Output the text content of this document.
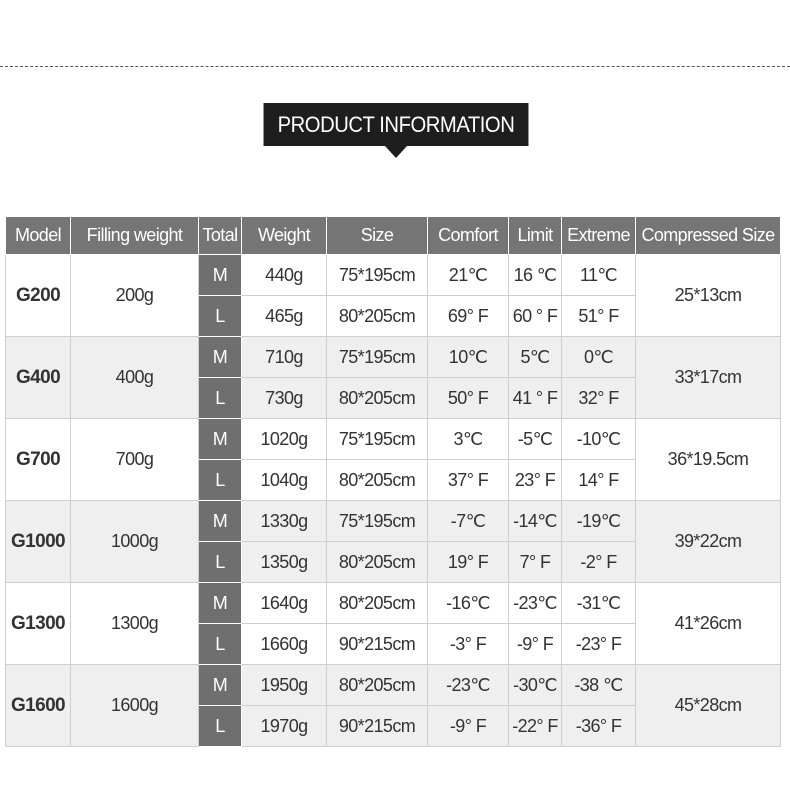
PRODUCT INFORMATION
Model	Filling weight	Total	Weight	Size	Comfort	Limit	Extreme	Compressed Size
G200	200g	M	440g	75*195cm	21℃	16 ℃	11℃	25*13cm
		L	465g	80*205cm	69° F	60 ° F	51° F	
G400	400g	M	710g	75*195cm	10℃	5℃	0℃	33*17cm
		L	730g	80*205cm	50° F	41 ° F	32° F	
G700	700g	M	1020g	75*195cm	3℃	-5℃	-10℃	36*19.5cm
		L	1040g	80*205cm	37° F	23° F	14° F	
G1000	1000g	M	1330g	75*195cm	-7℃	-14℃	-19℃	39*22cm
		L	1350g	80*205cm	19° F	7° F	-2° F	
G1300	1300g	M	1640g	80*205cm	-16℃	-23℃	-31℃	41*26cm
		L	1660g	90*215cm	-3° F	-9° F	-23° F	
G1600	1600g	M	1950g	80*205cm	-23℃	-30℃	-38 ℃	45*28cm
		L	1970g	90*215cm	-9° F	-22° F	-36° F	
